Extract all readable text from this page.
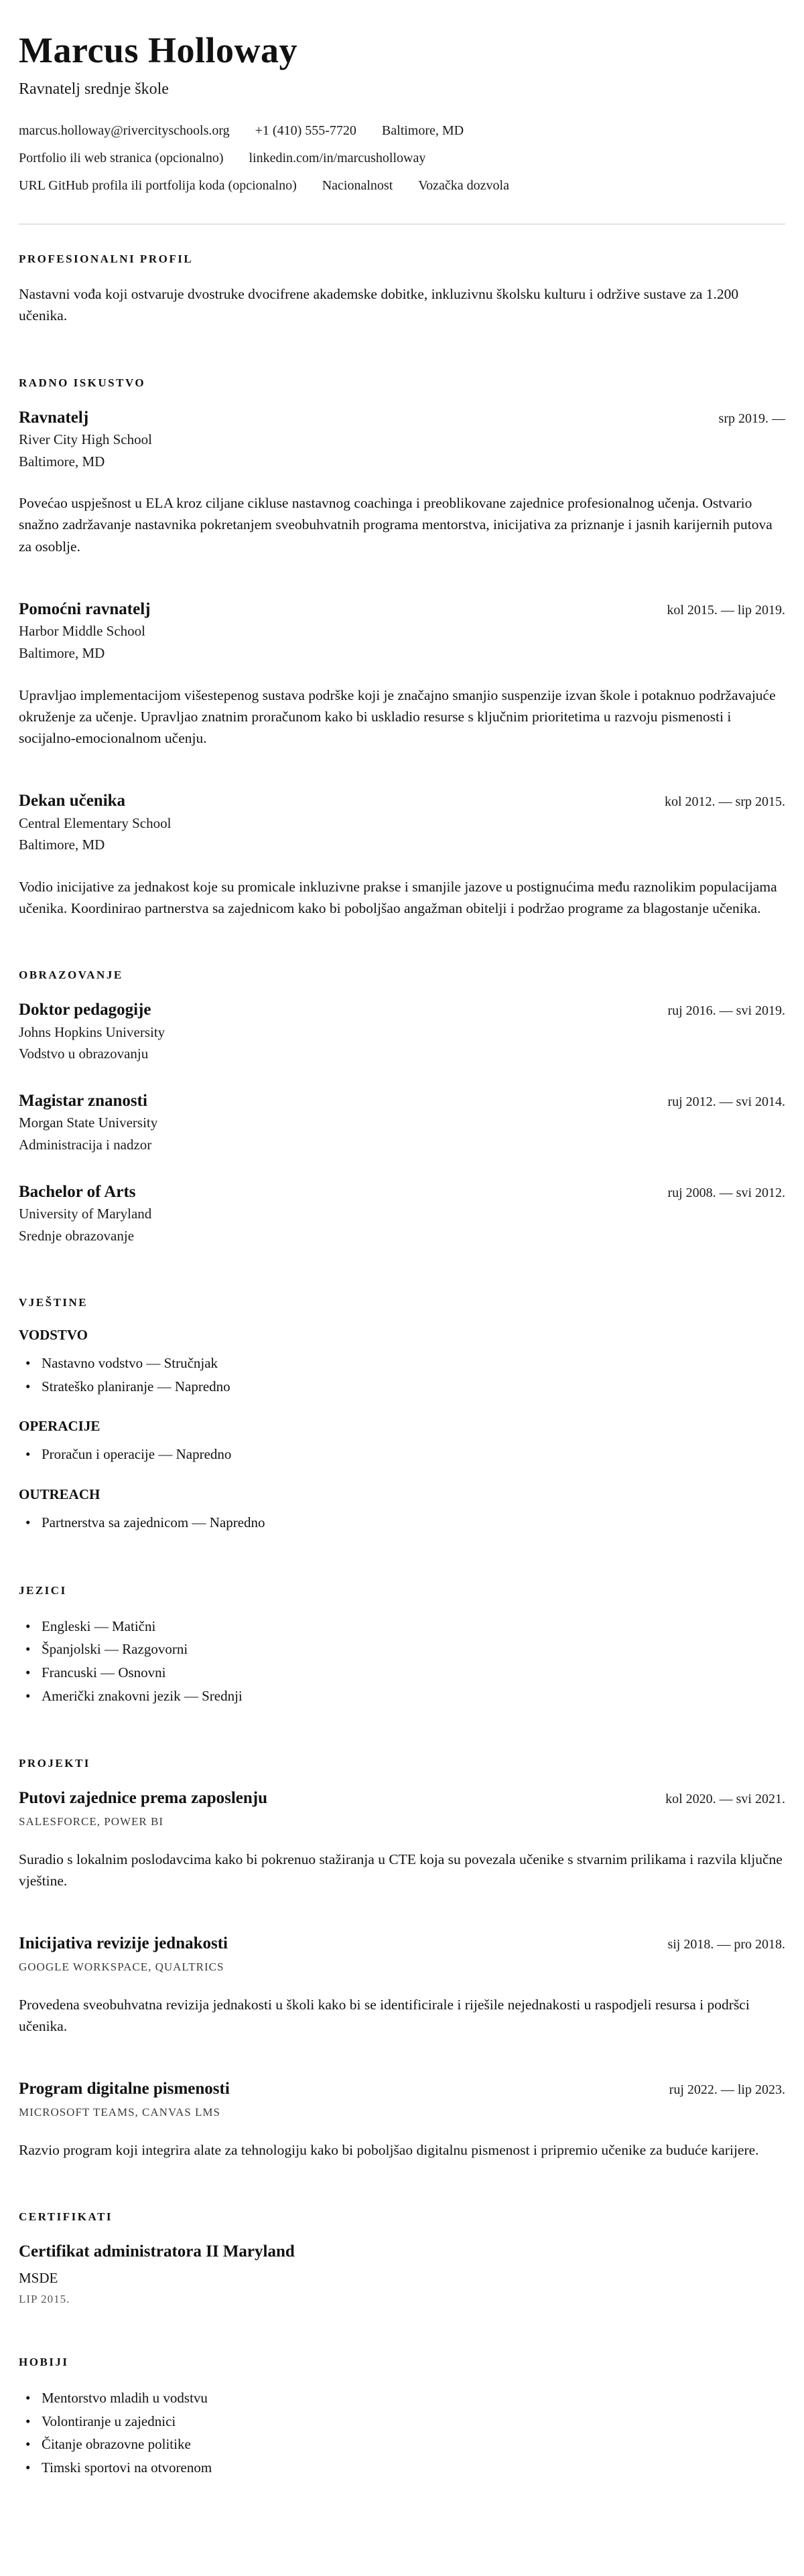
Marcus Holloway
Ravnatelj srednje škole
marcus.holloway@rivercityschools.org +1 (410) 555-7720 Baltimore, MD
Portfolio ili web stranica (opcionalno) linkedin.com/in/marcusholloway
URL GitHub profila ili portfolija koda (opcionalno) Nacionalnost Vozačka dozvola
PROFESIONALNI PROFIL

Nastavni vođa koji ostvaruje dvostruke dvocifrene akademske dobitke, inkluzivnu školsku kulturu i održive sustave za 1.200 učenika.

RADNO ISKUSTVO
Ravnatelj	srp 2019. —
River City High School
Baltimore, MD

Povećao uspješnost u ELA kroz ciljane cikluse nastavnog coachinga i preoblikovane zajednice profesionalnog učenja. Ostvario snažno zadržavanje nastavnika pokretanjem sveobuhvatnih programa mentorstva, inicijativa za priznanje i jasnih karijernih putova za osoblje.

Pomoćni ravnatelj	kol 2015. — lip 2019.
Harbor Middle School
Baltimore, MD

Upravljao implementacijom višestepenog sustava podrške koji je značajno smanjio suspenzije izvan škole i potaknuo podržavajuće okruženje za učenje. Upravljao znatnim proračunom kako bi uskladio resurse s ključnim prioritetima u razvoju pismenosti i socijalno-emocionalnom učenju.

Dekan učenika	kol 2012. — srp 2015.
Central Elementary School
Baltimore, MD

Vodio inicijative za jednakost koje su promicale inkluzivne prakse i smanjile jazove u postignućima među raznolikim populacijama učenika. Koordinirao partnerstva sa zajednicom kako bi poboljšao angažman obitelji i podržao programe za blagostanje učenika.

OBRAZOVANJE
Doktor pedagogije	ruj 2016. — svi 2019.
Johns Hopkins University
Vodstvo u obrazovanju
Magistar znanosti	ruj 2012. — svi 2014.
Morgan State University
Administracija i nadzor
Bachelor of Arts	ruj 2008. — svi 2012.
University of Maryland
Srednje obrazovanje
VJEŠTINE
VODSTVO
• Nastavno vodstvo — Stručnjak
• Strateško planiranje — Napredno
OPERACIJE
• Proračun i operacije — Napredno
OUTREACH
• Partnerstva sa zajednicom — Napredno
JEZICI
• Engleski — Matični
• Španjolski — Razgovorni
• Francuski — Osnovni
• Američki znakovni jezik — Srednji
PROJEKTI
Putovi zajednice prema zaposlenju	kol 2020. — svi 2021.
SALESFORCE, POWER BI

Suradio s lokalnim poslodavcima kako bi pokrenuo stažiranja u CTE koja su povezala učenike s stvarnim prilikama i razvila ključne vještine.

Inicijativa revizije jednakosti	sij 2018. — pro 2018.
GOOGLE WORKSPACE, QUALTRICS

Provedena sveobuhvatna revizija jednakosti u školi kako bi se identificirale i riješile nejednakosti u raspodjeli resursa i podršci učenika.

Program digitalne pismenosti	ruj 2022. — lip 2023.
MICROSOFT TEAMS, CANVAS LMS

Razvio program koji integrira alate za tehnologiju kako bi poboljšao digitalnu pismenost i pripremio učenike za buduće karijere.

CERTIFIKATI
Certifikat administratora II Maryland
MSDE
LIP 2015.
HOBIJI
• Mentorstvo mladih u vodstvu
• Volontiranje u zajednici
• Čitanje obrazovne politike
• Timski sportovi na otvorenom
